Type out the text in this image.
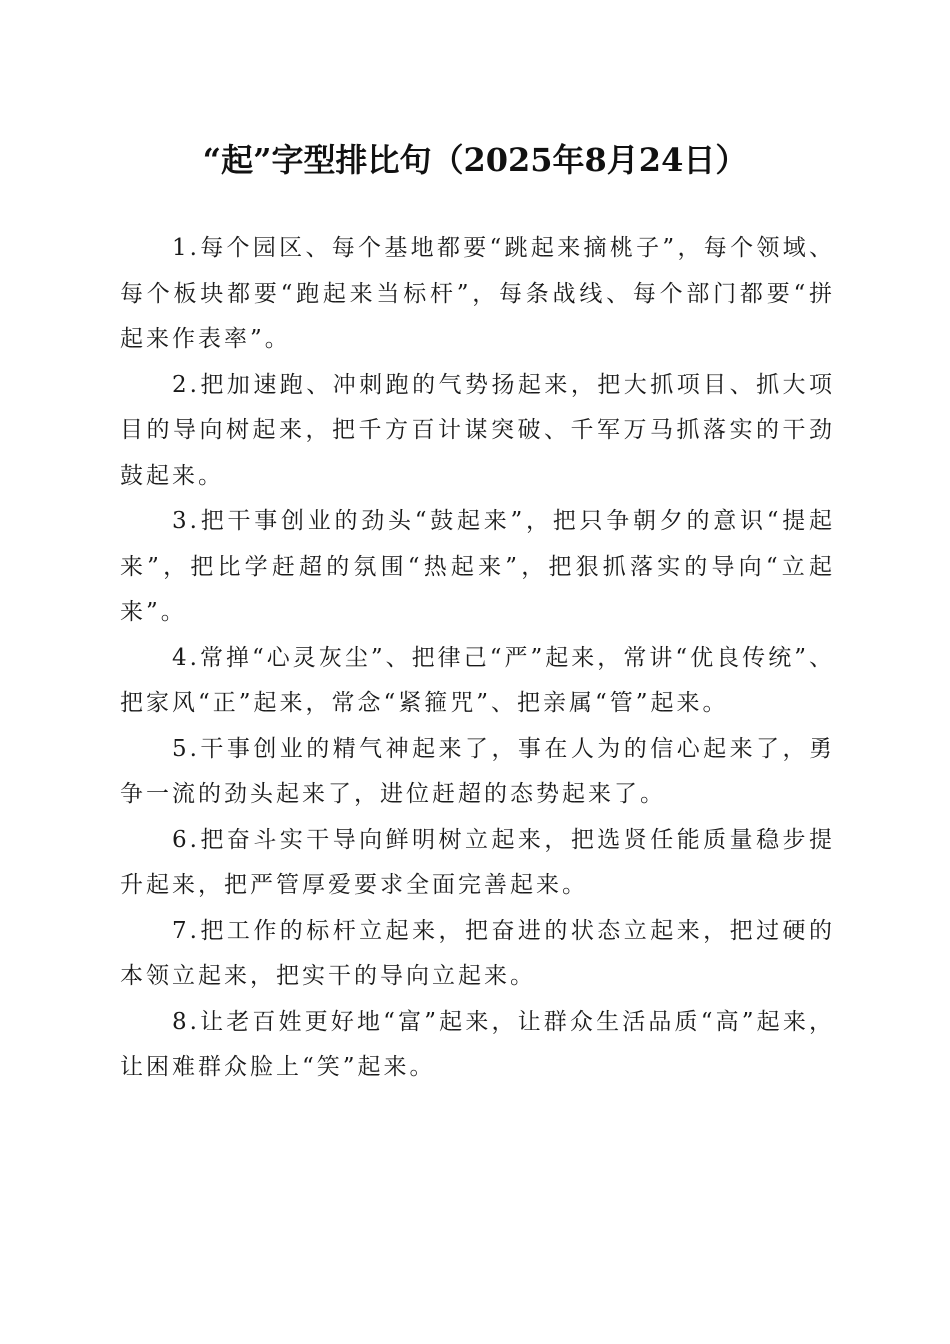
“起”字型排比句（2025年8月24日）

1.每个园区、每个基地都要“跳起来摘桃子”，每个领域、每个板块都要“跑起来当标杆”，每条战线、每个部门都要“拼起来作表率”。

2.把加速跑、冲刺跑的气势扬起来，把大抓项目、抓大项目的导向树起来，把千方百计谋突破、千军万马抓落实的干劲鼓起来。

3.把干事创业的劲头“鼓起来”，把只争朝夕的意识“提起来”，把比学赶超的氛围“热起来”，把狠抓落实的导向“立起来”。

4.常掸“心灵灰尘”、把律己“严”起来，常讲“优良传统”、把家风“正”起来，常念“紧箍咒”、把亲属“管”起来。

5.干事创业的精气神起来了，事在人为的信心起来了，勇争一流的劲头起来了，进位赶超的态势起来了。

6.把奋斗实干导向鲜明树立起来，把选贤任能质量稳步提升起来，把严管厚爱要求全面完善起来。

7.把工作的标杆立起来，把奋进的状态立起来，把过硬的本领立起来，把实干的导向立起来。

8.让老百姓更好地“富”起来，让群众生活品质“高”起来，让困难群众脸上“笑”起来。
